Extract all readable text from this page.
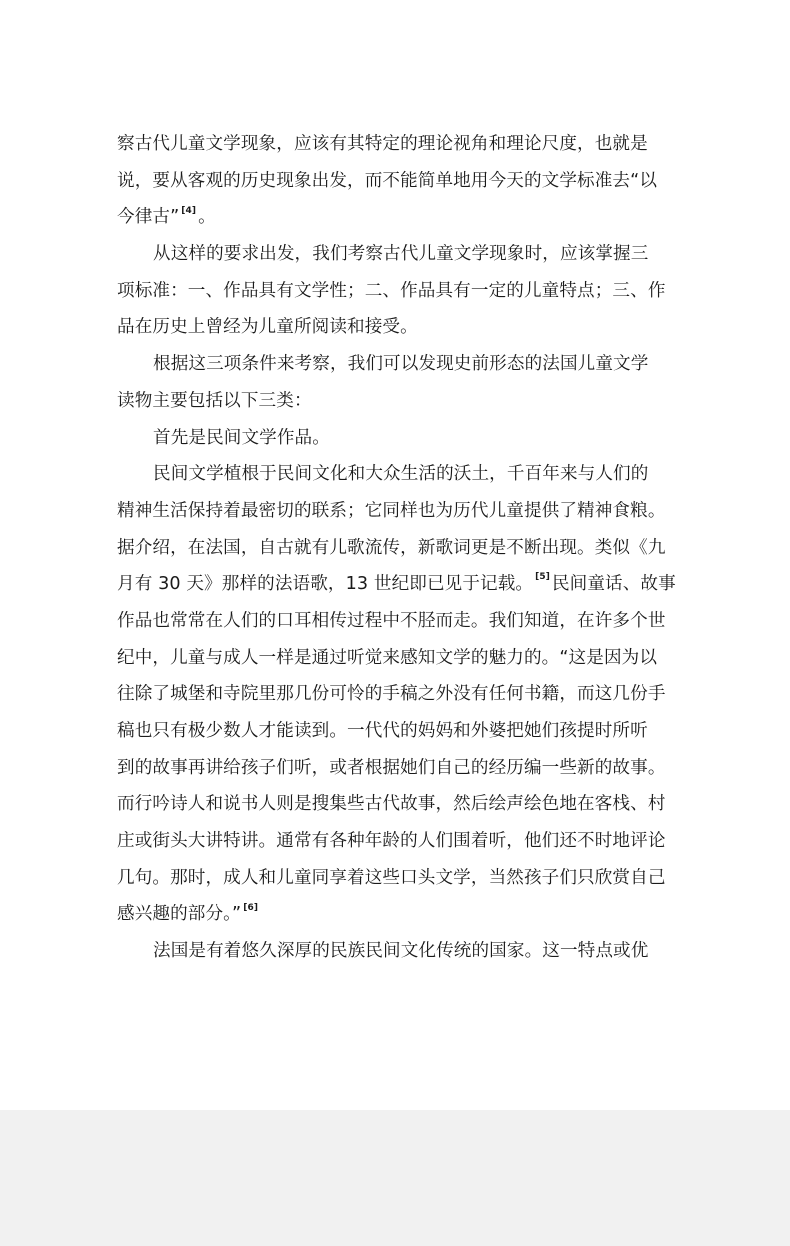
察古代儿童文学现象，应该有其特定的理论视角和理论尺度，也就是
说，要从客观的历史现象出发，而不能简单地用今天的文学标准去“以
今律古” [4] 。
从这样的要求出发，我们考察古代儿童文学现象时，应该掌握三
项标准：一、作品具有文学性；二、作品具有一定的儿童特点；三、作
品在历史上曾经为儿童所阅读和接受。
根据这三项条件来考察，我们可以发现史前形态的法国儿童文学
读物主要包括以下三类：
首先是民间文学作品。
民间文学植根于民间文化和大众生活的沃土，千百年来与人们的
精神生活保持着最密切的联系；它同样也为历代儿童提供了精神食粮。
据介绍，在法国，自古就有儿歌流传，新歌词更是不断出现。类似《九
月有 30 天》那样的法语歌，13 世纪即已见于记载。 [5] 民间童话、故事
作品也常常在人们的口耳相传过程中不胫而走。我们知道，在许多个世
纪中，儿童与成人一样是通过听觉来感知文学的魅力的。“这是因为以
往除了城堡和寺院里那几份可怜的手稿之外没有任何书籍，而这几份手
稿也只有极少数人才能读到。一代代的妈妈和外婆把她们孩提时所听
到的故事再讲给孩子们听，或者根据她们自己的经历编一些新的故事。
而行吟诗人和说书人则是搜集些古代故事，然后绘声绘色地在客栈、村
庄或街头大讲特讲。通常有各种年龄的人们围着听，他们还不时地评论
几句。那时，成人和儿童同享着这些口头文学，当然孩子们只欣赏自己
感兴趣的部分。” [6]
法国是有着悠久深厚的民族民间文化传统的国家。这一特点或优
